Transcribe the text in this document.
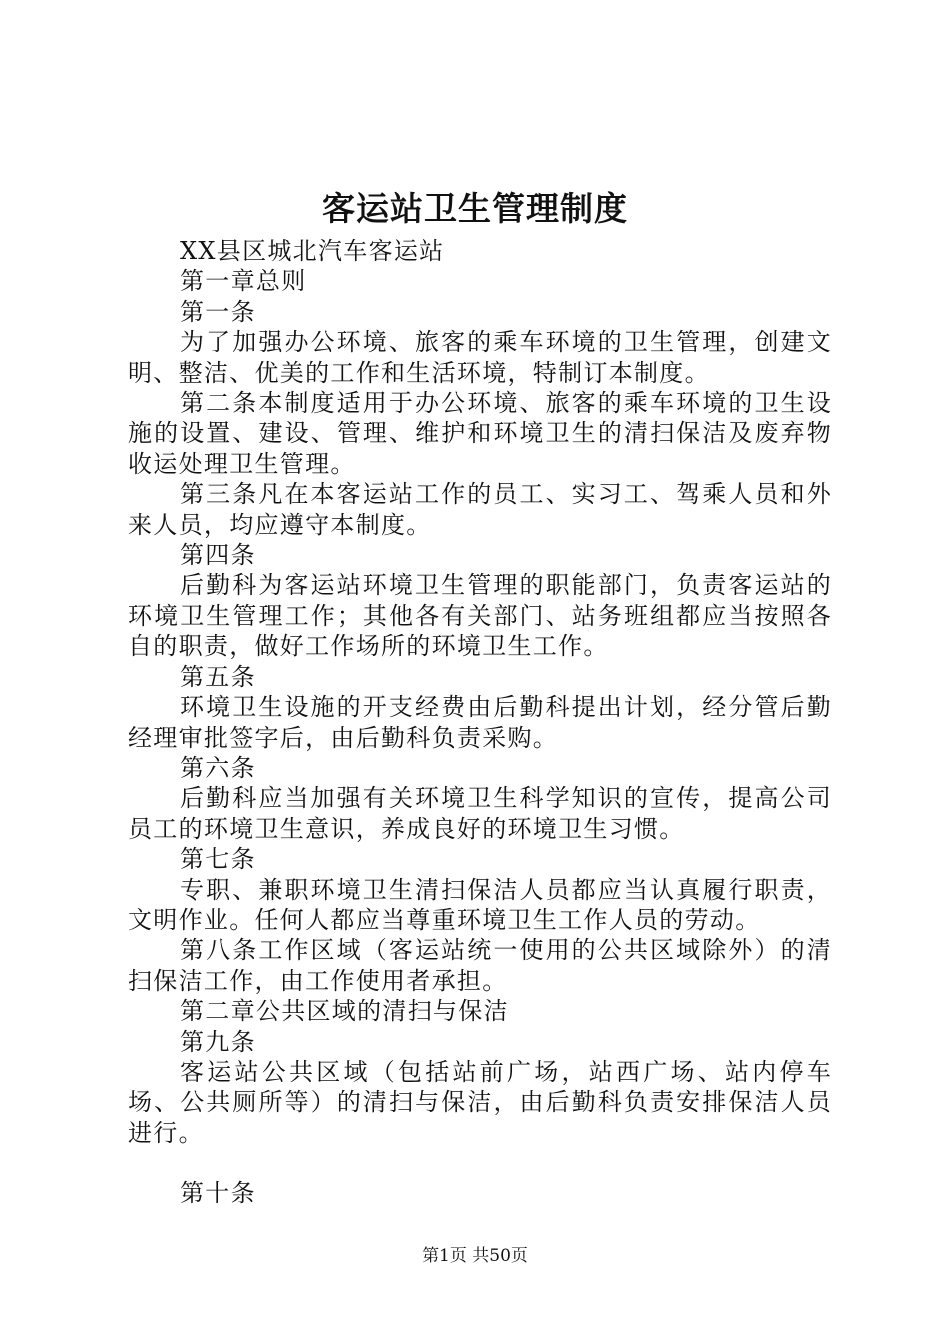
客运站卫生管理制度

XX县区城北汽车客运站

第一章总则

第一条

为了加强办公环境、旅客的乘车环境的卫生管理，创建文明、整洁、优美的工作和生活环境，特制订本制度。

第二条本制度适用于办公环境、旅客的乘车环境的卫生设施的设置、建设、管理、维护和环境卫生的清扫保洁及废弃物收运处理卫生管理。

第三条凡在本客运站工作的员工、实习工、驾乘人员和外来人员，均应遵守本制度。

第四条

后勤科为客运站环境卫生管理的职能部门，负责客运站的环境卫生管理工作；其他各有关部门、站务班组都应当按照各自的职责，做好工作场所的环境卫生工作。

第五条

环境卫生设施的开支经费由后勤科提出计划，经分管后勤经理审批签字后，由后勤科负责采购。

第六条

后勤科应当加强有关环境卫生科学知识的宣传，提高公司员工的环境卫生意识，养成良好的环境卫生习惯。

第七条

专职、兼职环境卫生清扫保洁人员都应当认真履行职责，文明作业。任何人都应当尊重环境卫生工作人员的劳动。

第八条工作区域（客运站统一使用的公共区域除外）的清扫保洁工作，由工作使用者承担。

第二章公共区域的清扫与保洁

第九条

客运站公共区域（包括站前广场，站西广场、站内停车场、公共厕所等）的清扫与保洁，由后勤科负责安排保洁人员进行。

第十条

第1页 共50页
